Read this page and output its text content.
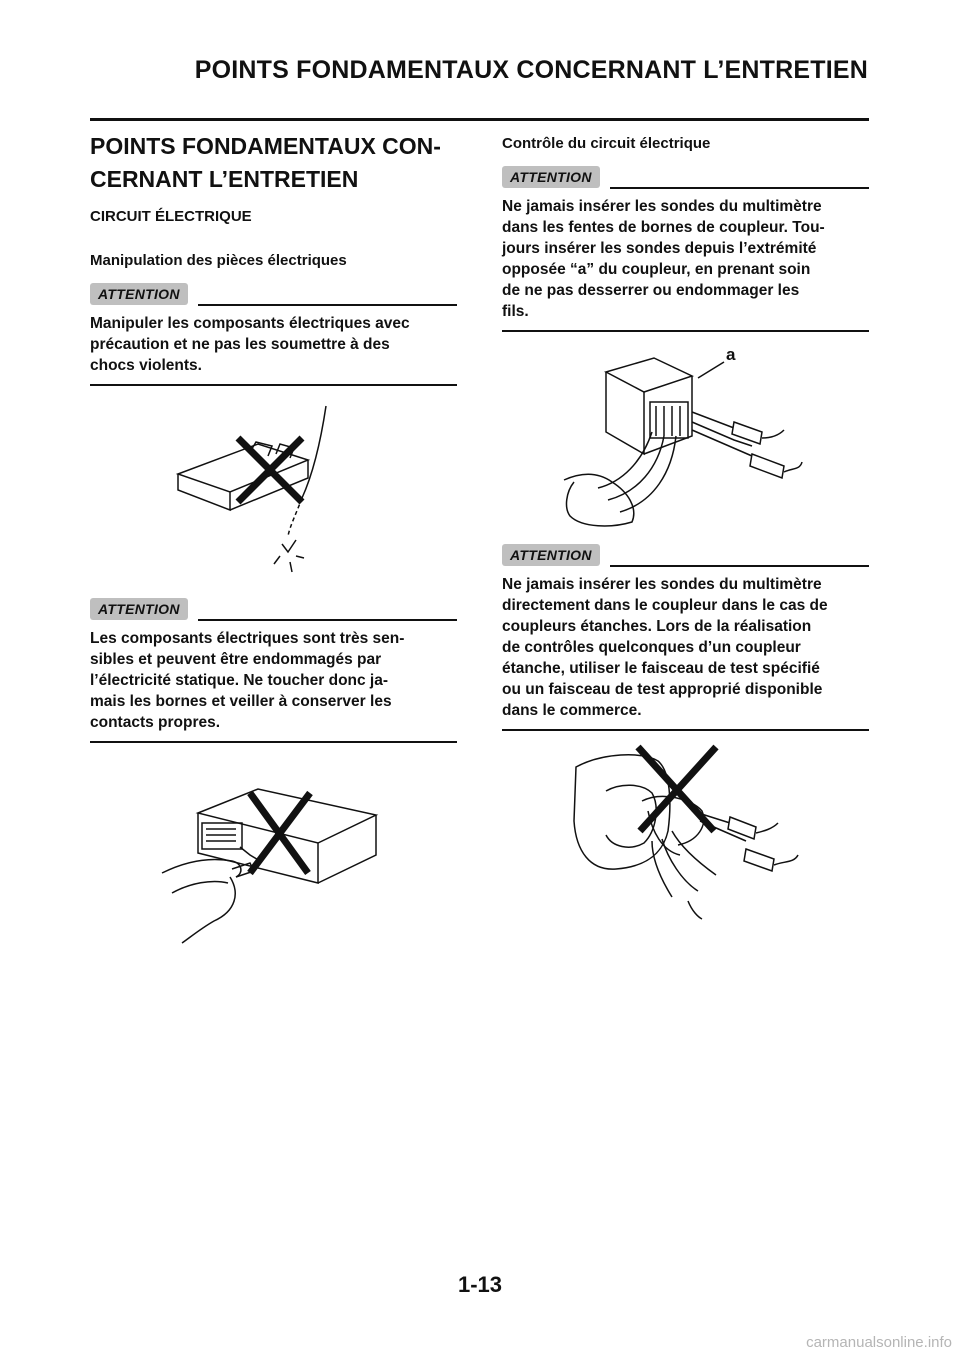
POINTS FONDAMENTAUX CONCERNANT L’ENTRETIEN
POINTS FONDAMENTAUX CON-
CERNANT L’ENTRETIEN
CIRCUIT ÉLECTRIQUE
Manipulation des pièces électriques
ATTENTION
Manipuler les composants électriques avec
précaution et ne pas les soumettre à des
chocs violents.
ATTENTION
Les composants électriques sont très sen-
sibles et peuvent être endommagés par
l’électricité statique. Ne toucher donc ja-
mais les bornes et veiller à conserver les
contacts propres.
Contrôle du circuit électrique
ATTENTION
Ne jamais insérer les sondes du multimètre
dans les fentes de bornes de coupleur. Tou-
jours insérer les sondes depuis l’extrémité
opposée “a” du coupleur, en prenant soin
de ne pas desserrer ou endommager les
fils.
a
ATTENTION
Ne jamais insérer les sondes du multimètre
directement dans le coupleur dans le cas de
coupleurs étanches. Lors de la réalisation
de contrôles quelconques d’un coupleur
étanche, utiliser le faisceau de test spécifié
ou un faisceau de test approprié disponible
dans le commerce.
1-13
carmanualsonline.info
